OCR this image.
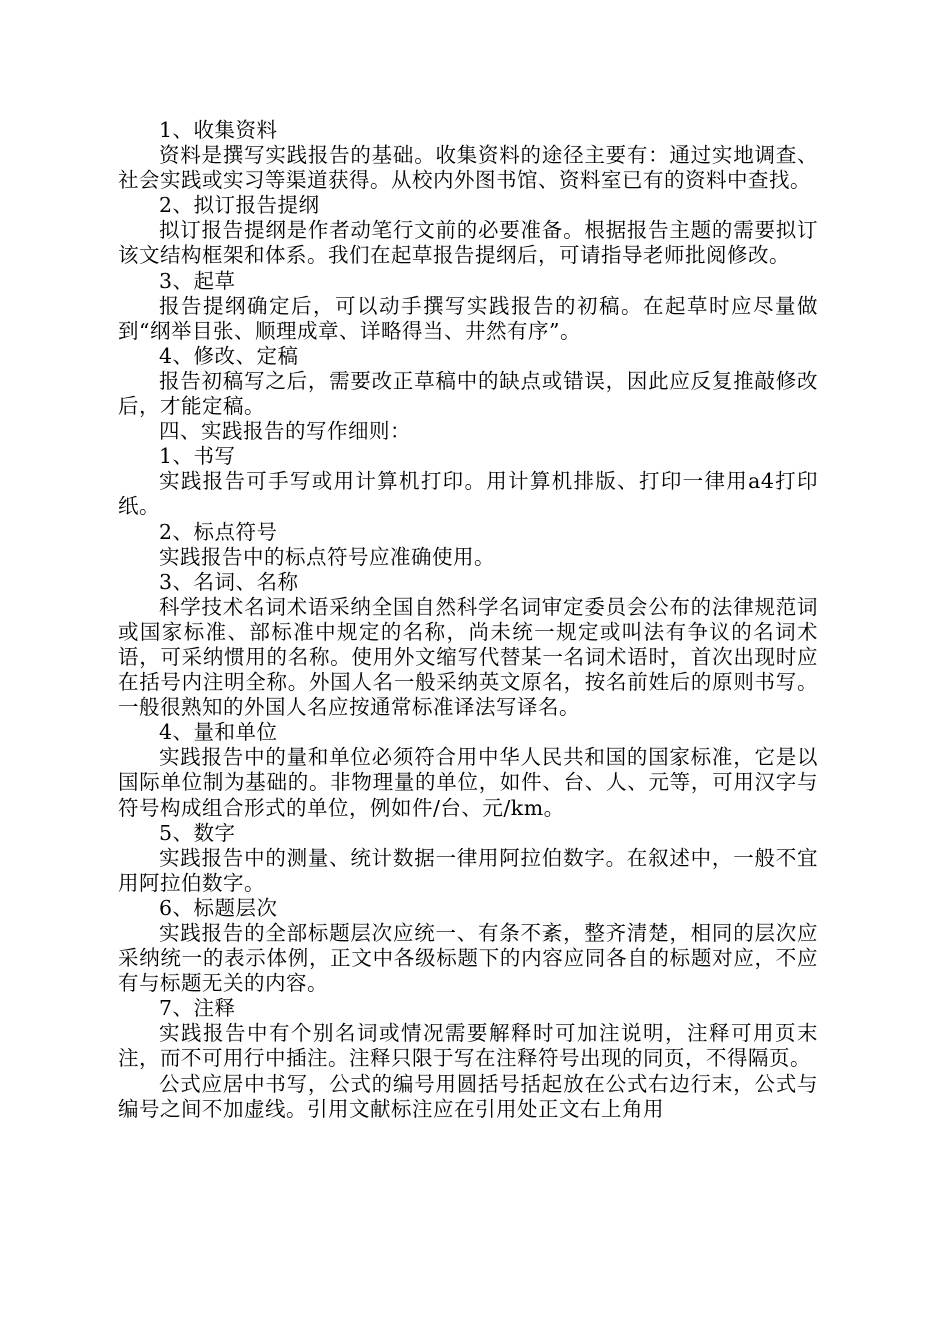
1、收集资料

资料是撰写实践报告的基础。收集资料的途径主要有：通过实地调查、社会实践或实习等渠道获得。从校内外图书馆、资料室已有的资料中查找。

2、拟订报告提纲

拟订报告提纲是作者动笔行文前的必要准备。根据报告主题的需要拟订该文结构框架和体系。我们在起草报告提纲后，可请指导老师批阅修改。

3、起草

报告提纲确定后，可以动手撰写实践报告的初稿。在起草时应尽量做到“纲举目张、顺理成章、详略得当、井然有序”。

4、修改、定稿

报告初稿写之后，需要改正草稿中的缺点或错误，因此应反复推敲修改后，才能定稿。

四、实践报告的写作细则：

1、书写

实践报告可手写或用计算机打印。用计算机排版、打印一律用a4打印纸。

2、标点符号

实践报告中的标点符号应准确使用。

3、名词、名称

科学技术名词术语采纳全国自然科学名词审定委员会公布的法律规范词或国家标准、部标准中规定的名称，尚未统一规定或叫法有争议的名词术语，可采纳惯用的名称。使用外文缩写代替某一名词术语时，首次出现时应在括号内注明全称。外国人名一般采纳英文原名，按名前姓后的原则书写。一般很熟知的外国人名应按通常标准译法写译名。

4、量和单位

实践报告中的量和单位必须符合用中华人民共和国的国家标准，它是以国际单位制为基础的。非物理量的单位，如件、台、人、元等，可用汉字与符号构成组合形式的单位，例如件/台、元/km。

5、数字

实践报告中的测量、统计数据一律用阿拉伯数字。在叙述中，一般不宜用阿拉伯数字。

6、标题层次

实践报告的全部标题层次应统一、有条不紊，整齐清楚，相同的层次应采纳统一的表示体例，正文中各级标题下的内容应同各自的标题对应，不应有与标题无关的内容。

7、注释

实践报告中有个别名词或情况需要解释时可加注说明，注释可用页末注，而不可用行中插注。注释只限于写在注释符号出现的同页，不得隔页。

公式应居中书写，公式的编号用圆括号括起放在公式右边行末，公式与编号之间不加虚线。引用文献标注应在引用处正文右上角用
